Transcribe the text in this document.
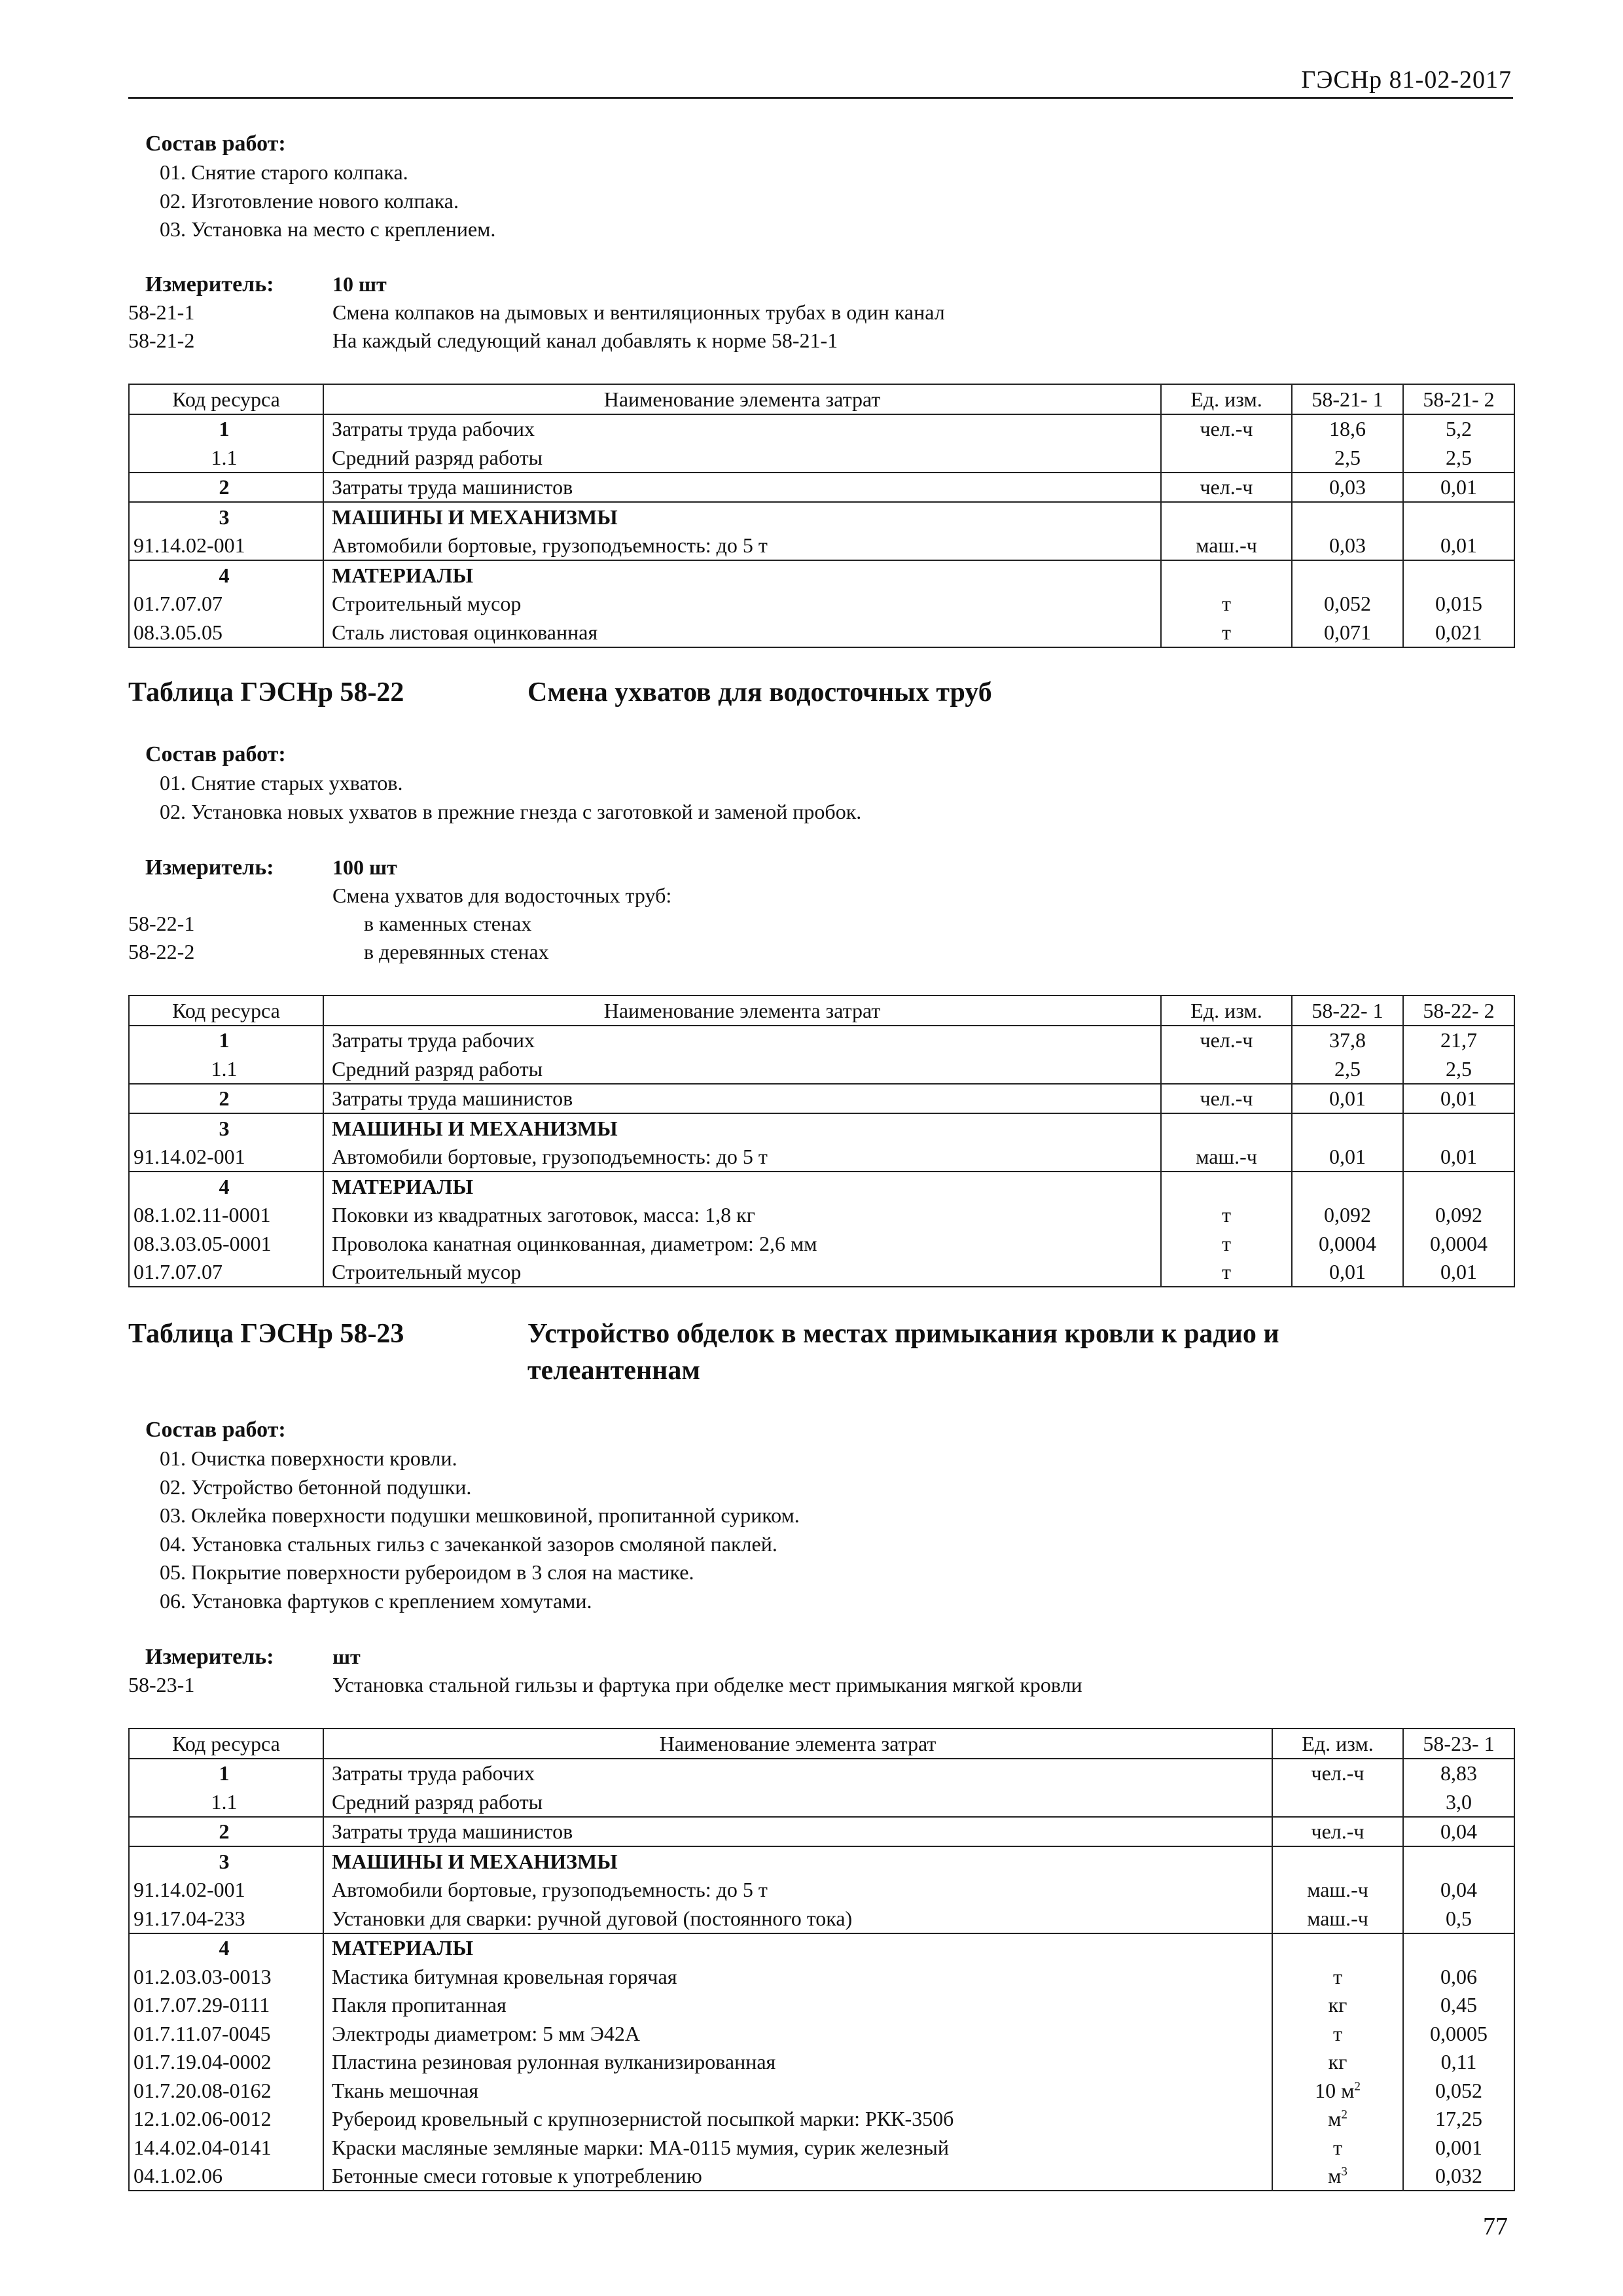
ГЭСНр 81-02-2017
Состав работ:
01. Снятие старого колпака.
02. Изготовление нового колпака.
03. Установка на место с креплением.
Измеритель:	10 шт
58-21-1	Смена колпаков на дымовых и вентиляционных трубах в один канал
58-21-2	На каждый следующий канал добавлять к норме 58-21-1
Код ресурса	Наименование элемента затрат	Ед. изм.	58-21- 1	58-21- 2
1	Затраты труда рабочих	чел.-ч	18,6	5,2
1.1	Средний разряд работы		2,5	2,5
2	Затраты труда машинистов	чел.-ч	0,03	0,01
3	МАШИНЫ И МЕХАНИЗМЫ			
91.14.02-001	Автомобили бортовые, грузоподъемность: до 5 т	маш.-ч	0,03	0,01
4	МАТЕРИАЛЫ			
01.7.07.07	Строительный мусор	т	0,052	0,015
08.3.05.05	Сталь листовая оцинкованная	т	0,071	0,021
Таблица ГЭСНр 58-22	Смена ухватов для водосточных труб
Состав работ:
01. Снятие старых ухватов.
02. Установка новых ухватов в прежние гнезда с заготовкой и заменой пробок.
Измеритель:	100 шт
Смена ухватов для водосточных труб:
58-22-1	в каменных стенах
58-22-2	в деревянных стенах
Код ресурса	Наименование элемента затрат	Ед. изм.	58-22- 1	58-22- 2
1	Затраты труда рабочих	чел.-ч	37,8	21,7
1.1	Средний разряд работы		2,5	2,5
2	Затраты труда машинистов	чел.-ч	0,01	0,01
3	МАШИНЫ И МЕХАНИЗМЫ			
91.14.02-001	Автомобили бортовые, грузоподъемность: до 5 т	маш.-ч	0,01	0,01
4	МАТЕРИАЛЫ			
08.1.02.11-0001	Поковки из квадратных заготовок, масса: 1,8 кг	т	0,092	0,092
08.3.03.05-0001	Проволока канатная оцинкованная, диаметром: 2,6 мм	т	0,0004	0,0004
01.7.07.07	Строительный мусор	т	0,01	0,01
Таблица ГЭСНр 58-23	Устройство обделок в местах примыкания кровли к радио и
телеантеннам
Состав работ:
01. Очистка поверхности кровли.
02. Устройство бетонной подушки.
03. Оклейка поверхности подушки мешковиной, пропитанной суриком.
04. Установка стальных гильз с зачеканкой зазоров смоляной паклей.
05. Покрытие поверхности рубероидом в 3 слоя на мастике.
06. Установка фартуков с креплением хомутами.
Измеритель:	шт
58-23-1	Установка стальной гильзы и фартука при обделке мест примыкания мягкой кровли
Код ресурса	Наименование элемента затрат	Ед. изм.	58-23- 1
1	Затраты труда рабочих	чел.-ч	8,83
1.1	Средний разряд работы		3,0
2	Затраты труда машинистов	чел.-ч	0,04
3	МАШИНЫ И МЕХАНИЗМЫ		
91.14.02-001	Автомобили бортовые, грузоподъемность: до 5 т	маш.-ч	0,04
91.17.04-233	Установки для сварки: ручной дуговой (постоянного тока)	маш.-ч	0,5
4	МАТЕРИАЛЫ		
01.2.03.03-0013	Мастика битумная кровельная горячая	т	0,06
01.7.07.29-0111	Пакля пропитанная	кг	0,45
01.7.11.07-0045	Электроды диаметром: 5 мм Э42А	т	0,0005
01.7.19.04-0002	Пластина резиновая рулонная вулканизированная	кг	0,11
01.7.20.08-0162	Ткань мешочная	10 $м^2$	0,052
12.1.02.06-0012	Рубероид кровельный с крупнозернистой посыпкой марки: РКК-350б	$м^2$	17,25
14.4.02.04-0141	Краски масляные земляные марки: МА-0115 мумия, сурик железный	т	0,001
04.1.02.06	Бетонные смеси готовые к употреблению	$м^3$	0,032
77
